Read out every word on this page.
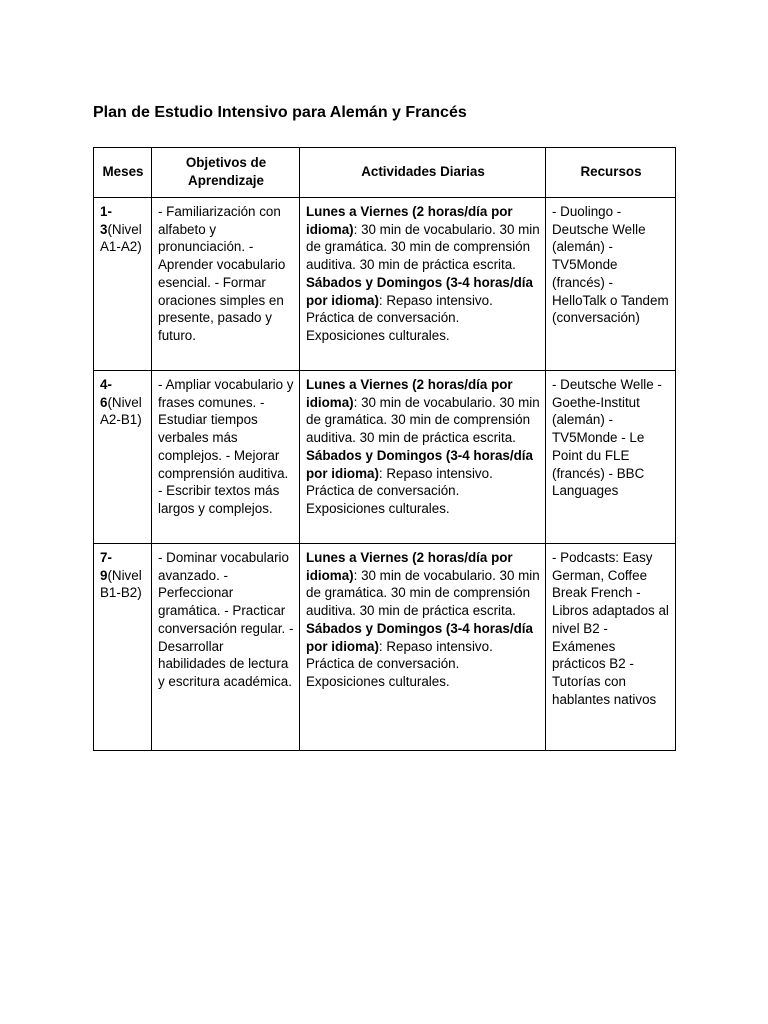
Plan de Estudio Intensivo para Alemán y Francés
Meses	Objetivos de Aprendizaje	Actividades Diarias	Recursos
1-3(Nivel A1-A2)	- Familiarización con alfabeto y pronunciación. - Aprender vocabulario esencial. - Formar oraciones simples en presente, pasado y futuro.	Lunes a Viernes (2 horas/día por idioma): 30 min de vocabulario. 30 min de gramática. 30 min de comprensión auditiva. 30 min de práctica escrita. Sábados y Domingos (3-4 horas/día por idioma): Repaso intensivo. Práctica de conversación. Exposiciones culturales.	- Duolingo - Deutsche Welle (alemán) - TV5Monde (francés) - HelloTalk o Tandem (conversación)
4-6(Nivel A2-B1)	- Ampliar vocabulario y frases comunes. - Estudiar tiempos verbales más complejos. - Mejorar comprensión auditiva. - Escribir textos más largos y complejos.	Lunes a Viernes (2 horas/día por idioma): 30 min de vocabulario. 30 min de gramática. 30 min de comprensión auditiva. 30 min de práctica escrita. Sábados y Domingos (3-4 horas/día por idioma): Repaso intensivo. Práctica de conversación. Exposiciones culturales.	- Deutsche Welle - Goethe-Institut (alemán) - TV5Monde - Le Point du FLE (francés) - BBC Languages
7-9(Nivel B1-B2)	- Dominar vocabulario avanzado. - Perfeccionar gramática. - Practicar conversación regular. - Desarrollar habilidades de lectura y escritura académica.	Lunes a Viernes (2 horas/día por idioma): 30 min de vocabulario. 30 min de gramática. 30 min de comprensión auditiva. 30 min de práctica escrita. Sábados y Domingos (3-4 horas/día por idioma): Repaso intensivo. Práctica de conversación. Exposiciones culturales.	- Podcasts: Easy German, Coffee Break French - Libros adaptados al nivel B2 - Exámenes prácticos B2 - Tutorías con hablantes nativos
